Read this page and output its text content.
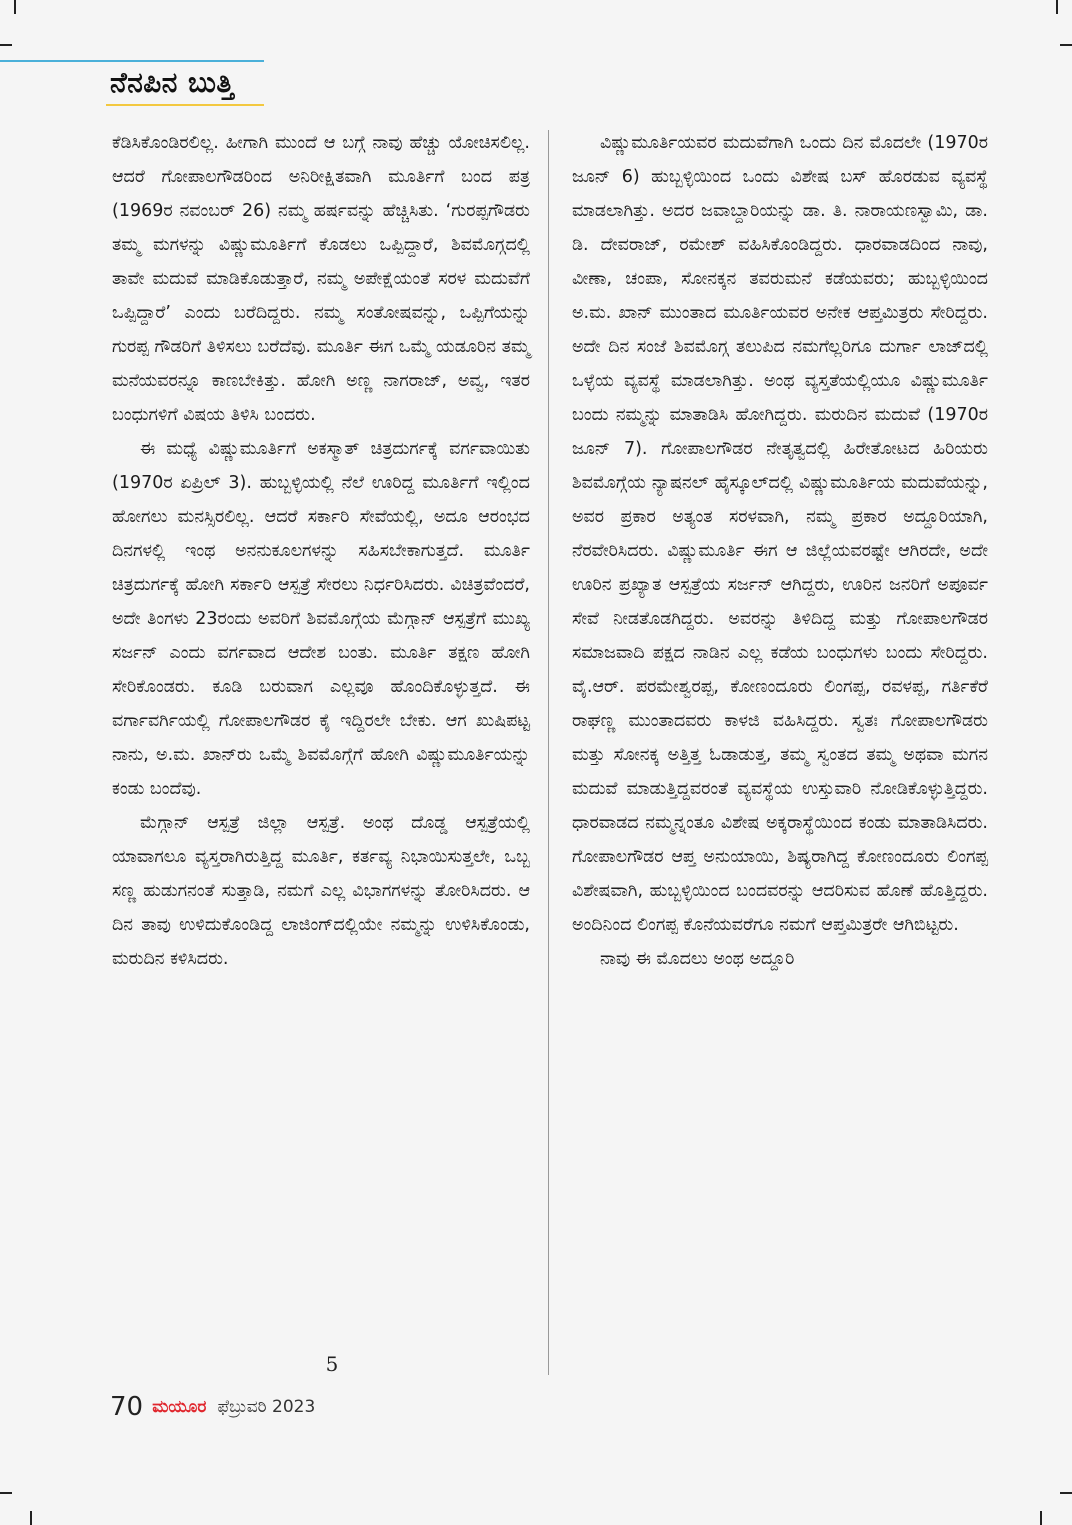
ನೆನಪಿನ ಬುತ್ತಿ

ಕೆಡಿಸಿಕೊಂಡಿರಲಿಲ್ಲ. ಹೀಗಾಗಿ ಮುಂದೆ ಆ ಬಗ್ಗೆ ನಾವು ಹೆಚ್ಚು ಯೋಚಿಸಲಿಲ್ಲ. ಆದರೆ ಗೋಪಾಲಗೌಡರಿಂದ ಅನಿರೀಕ್ಷಿತವಾಗಿ ಮೂರ್ತಿಗೆ ಬಂದ ಪತ್ರ (1969ರ ನವಂಬರ್ 26) ನಮ್ಮ ಹರ್ಷವನ್ನು ಹೆಚ್ಚಿಸಿತು. ‘ಗುರಪ್ಪಗೌಡರು ತಮ್ಮ ಮಗಳನ್ನು ವಿಷ್ಣುಮೂರ್ತಿಗೆ ಕೊಡಲು ಒಪ್ಪಿದ್ದಾರೆ, ಶಿವಮೊಗ್ಗದಲ್ಲಿ ತಾವೇ ಮದುವೆ ಮಾಡಿಕೊಡುತ್ತಾರೆ, ನಮ್ಮ ಅಪೇಕ್ಷೆಯಂತೆ ಸರಳ ಮದುವೆಗೆ ಒಪ್ಪಿದ್ದಾರೆ’ ಎಂದು ಬರೆದಿದ್ದರು. ನಮ್ಮ ಸಂತೋಷವನ್ನು, ಒಪ್ಪಿಗೆಯನ್ನು ಗುರಪ್ಪ ಗೌಡರಿಗೆ ತಿಳಿಸಲು ಬರೆದೆವು. ಮೂರ್ತಿ ಈಗ ಒಮ್ಮೆ ಯಡೂರಿನ ತಮ್ಮ ಮನೆಯವರನ್ನೂ ಕಾಣಬೇಕಿತ್ತು. ಹೋಗಿ ಅಣ್ಣ ನಾಗರಾಜ್, ಅವ್ವ, ಇತರ ಬಂಧುಗಳಿಗೆ ವಿಷಯ ತಿಳಿಸಿ ಬಂದರು.

ಈ ಮಧ್ಯೆ ವಿಷ್ಣುಮೂರ್ತಿಗೆ ಅಕಸ್ಮಾತ್ ಚಿತ್ರದುರ್ಗಕ್ಕೆ ವರ್ಗವಾಯಿತು (1970ರ ಏಪ್ರಿಲ್ 3). ಹುಬ್ಬಳ್ಳಿಯಲ್ಲಿ ನೆಲೆ ಊರಿದ್ದ ಮೂರ್ತಿಗೆ ಇಲ್ಲಿಂದ ಹೋಗಲು ಮನಸ್ಸಿರಲಿಲ್ಲ. ಆದರೆ ಸರ್ಕಾರಿ ಸೇವೆಯಲ್ಲಿ, ಅದೂ ಆರಂಭದ ದಿನಗಳಲ್ಲಿ ಇಂಥ ಅನನುಕೂಲಗಳನ್ನು ಸಹಿಸಬೇಕಾಗುತ್ತದೆ. ಮೂರ್ತಿ ಚಿತ್ರದುರ್ಗಕ್ಕೆ ಹೋಗಿ ಸರ್ಕಾರಿ ಆಸ್ಪತ್ರೆ ಸೇರಲು ನಿರ್ಧರಿಸಿದರು. ವಿಚಿತ್ರವೆಂದರೆ, ಅದೇ ತಿಂಗಳು 23ರಂದು ಅವರಿಗೆ ಶಿವಮೊಗ್ಗೆಯ ಮೆಗ್ಗಾನ್ ಆಸ್ಪತ್ರೆಗೆ ಮುಖ್ಯ ಸರ್ಜನ್ ಎಂದು ವರ್ಗವಾದ ಆದೇಶ ಬಂತು. ಮೂರ್ತಿ ತಕ್ಷಣ ಹೋಗಿ ಸೇರಿಕೊಂಡರು. ಕೂಡಿ ಬರುವಾಗ ಎಲ್ಲವೂ ಹೊಂದಿಕೊಳ್ಳುತ್ತದೆ. ಈ ವರ್ಗಾವರ್ಗಿಯಲ್ಲಿ ಗೋಪಾಲಗೌಡರ ಕೈ ಇದ್ದಿರಲೇ ಬೇಕು. ಆಗ ಖುಷಿಪಟ್ಟ ನಾನು, ಅ.ಮ. ಖಾನ್‌ರು ಒಮ್ಮೆ ಶಿವಮೊಗ್ಗೆಗೆ ಹೋಗಿ ವಿಷ್ಣುಮೂರ್ತಿಯನ್ನು ಕಂಡು ಬಂದೆವು.

ಮೆಗ್ಗಾನ್ ಆಸ್ಪತ್ರೆ ಜಿಲ್ಲಾ ಆಸ್ಪತ್ರೆ. ಅಂಥ ದೊಡ್ಡ ಆಸ್ಪತ್ರೆಯಲ್ಲಿ ಯಾವಾಗಲೂ ವ್ಯಸ್ತರಾಗಿರುತ್ತಿದ್ದ ಮೂರ್ತಿ, ಕರ್ತವ್ಯ ನಿಭಾಯಿಸುತ್ತಲೇ, ಒಬ್ಬ ಸಣ್ಣ ಹುಡುಗನಂತೆ ಸುತ್ತಾಡಿ, ನಮಗೆ ಎಲ್ಲ ವಿಭಾಗಗಳನ್ನು ತೋರಿಸಿದರು. ಆ ದಿನ ತಾವು ಉಳಿದುಕೊಂಡಿದ್ದ ಲಾಜಿಂಗ್‌ದಲ್ಲಿಯೇ ನಮ್ಮನ್ನು ಉಳಿಸಿಕೊಂಡು, ಮರುದಿನ ಕಳಿಸಿದರು.

5

ವಿಷ್ಣುಮೂರ್ತಿಯವರ ಮದುವೆಗಾಗಿ ಒಂದು ದಿನ ಮೊದಲೇ (1970ರ ಜೂನ್ 6) ಹುಬ್ಬಳ್ಳಿಯಿಂದ ಒಂದು ವಿಶೇಷ ಬಸ್ ಹೊರಡುವ ವ್ಯವಸ್ಥೆ ಮಾಡಲಾಗಿತ್ತು. ಅದರ ಜವಾಬ್ದಾರಿಯನ್ನು ಡಾ. ತಿ. ನಾರಾಯಣಸ್ವಾಮಿ, ಡಾ. ಡಿ. ದೇವರಾಜ್, ರಮೇಶ್ ವಹಿಸಿಕೊಂಡಿದ್ದರು. ಧಾರವಾಡದಿಂದ ನಾವು, ವೀಣಾ, ಚಂಪಾ, ಸೋನಕ್ಕನ ತವರುಮನೆ ಕಡೆಯವರು; ಹುಬ್ಬಳ್ಳಿಯಿಂದ ಅ.ಮ. ಖಾನ್ ಮುಂತಾದ ಮೂರ್ತಿಯವರ ಅನೇಕ ಆಪ್ತಮಿತ್ರರು ಸೇರಿದ್ದರು. ಅದೇ ದಿನ ಸಂಜೆ ಶಿವಮೊಗ್ಗ ತಲುಪಿದ ನಮಗೆಲ್ಲರಿಗೂ ದುರ್ಗಾ ಲಾಜ್‌ದಲ್ಲಿ ಒಳ್ಳೆಯ ವ್ಯವಸ್ಥೆ ಮಾಡಲಾಗಿತ್ತು. ಅಂಥ ವ್ಯಸ್ತತೆಯಲ್ಲಿಯೂ ವಿಷ್ಣುಮೂರ್ತಿ ಬಂದು ನಮ್ಮನ್ನು ಮಾತಾಡಿಸಿ ಹೋಗಿದ್ದರು. ಮರುದಿನ ಮದುವೆ (1970ರ ಜೂನ್ 7). ಗೋಪಾಲಗೌಡರ ನೇತೃತ್ವದಲ್ಲಿ ಹಿರೇತೋಟದ ಹಿರಿಯರು ಶಿವಮೊಗ್ಗೆಯ ನ್ಯಾಷನಲ್ ಹೈಸ್ಕೂಲ್‌ದಲ್ಲಿ ವಿಷ್ಣುಮೂರ್ತಿಯ ಮದುವೆಯನ್ನು, ಅವರ ಪ್ರಕಾರ ಅತ್ಯಂತ ಸರಳವಾಗಿ, ನಮ್ಮ ಪ್ರಕಾರ ಅದ್ದೂರಿಯಾಗಿ, ನೆರವೇರಿಸಿದರು. ವಿಷ್ಣುಮೂರ್ತಿ ಈಗ ಆ ಜಿಲ್ಲೆಯವರಷ್ಟೇ ಆಗಿರದೇ, ಅದೇ ಊರಿನ ಪ್ರಖ್ಯಾತ ಆಸ್ಪತ್ರೆಯ ಸರ್ಜನ್ ಆಗಿದ್ದರು, ಊರಿನ ಜನರಿಗೆ ಅಪೂರ್ವ ಸೇವೆ ನೀಡತೊಡಗಿದ್ದರು. ಅವರನ್ನು ತಿಳಿದಿದ್ದ ಮತ್ತು ಗೋಪಾಲಗೌಡರ ಸಮಾಜವಾದಿ ಪಕ್ಷದ ನಾಡಿನ ಎಲ್ಲ ಕಡೆಯ ಬಂಧುಗಳು ಬಂದು ಸೇರಿದ್ದರು. ವೈ.ಆರ್. ಪರಮೇಶ್ವರಪ್ಪ, ಕೋಣಂದೂರು ಲಿಂಗಪ್ಪ, ರವಳಪ್ಪ, ಗರ್ತಿಕೆರೆ ರಾಘಣ್ಣ ಮುಂತಾದವರು ಕಾಳಜಿ ವಹಿಸಿದ್ದರು. ಸ್ವತಃ ಗೋಪಾಲಗೌಡರು ಮತ್ತು ಸೋನಕ್ಕ ಅತ್ತಿತ್ತ ಓಡಾಡುತ್ತ, ತಮ್ಮ ಸ್ವಂತದ ತಮ್ಮ ಅಥವಾ ಮಗನ ಮದುವೆ ಮಾಡುತ್ತಿದ್ದವರಂತೆ ವ್ಯವಸ್ಥೆಯ ಉಸ್ತುವಾರಿ ನೋಡಿಕೊಳ್ಳುತ್ತಿದ್ದರು. ಧಾರವಾಡದ ನಮ್ಮನ್ನಂತೂ ವಿಶೇಷ ಅಕ್ಕರಾಸ್ಥೆಯಿಂದ ಕಂಡು ಮಾತಾಡಿಸಿದರು. ಗೋಪಾಲಗೌಡರ ಆಪ್ತ ಅನುಯಾಯಿ, ಶಿಷ್ಯರಾಗಿದ್ದ ಕೋಣಂದೂರು ಲಿಂಗಪ್ಪ ವಿಶೇಷವಾಗಿ, ಹುಬ್ಬಳ್ಳಿಯಿಂದ ಬಂದವರನ್ನು ಆದರಿಸುವ ಹೊಣೆ ಹೊತ್ತಿದ್ದರು. ಅಂದಿನಿಂದ ಲಿಂಗಪ್ಪ ಕೊನೆಯವರೆಗೂ ನಮಗೆ ಆಪ್ತಮಿತ್ರರೇ ಆಗಿಬಿಟ್ಟರು.

ನಾವು ಈ ಮೊದಲು ಅಂಥ ಅದ್ದೂರಿ

70 ಮಯೂರ ಫೆಬ್ರುವರಿ 2023
